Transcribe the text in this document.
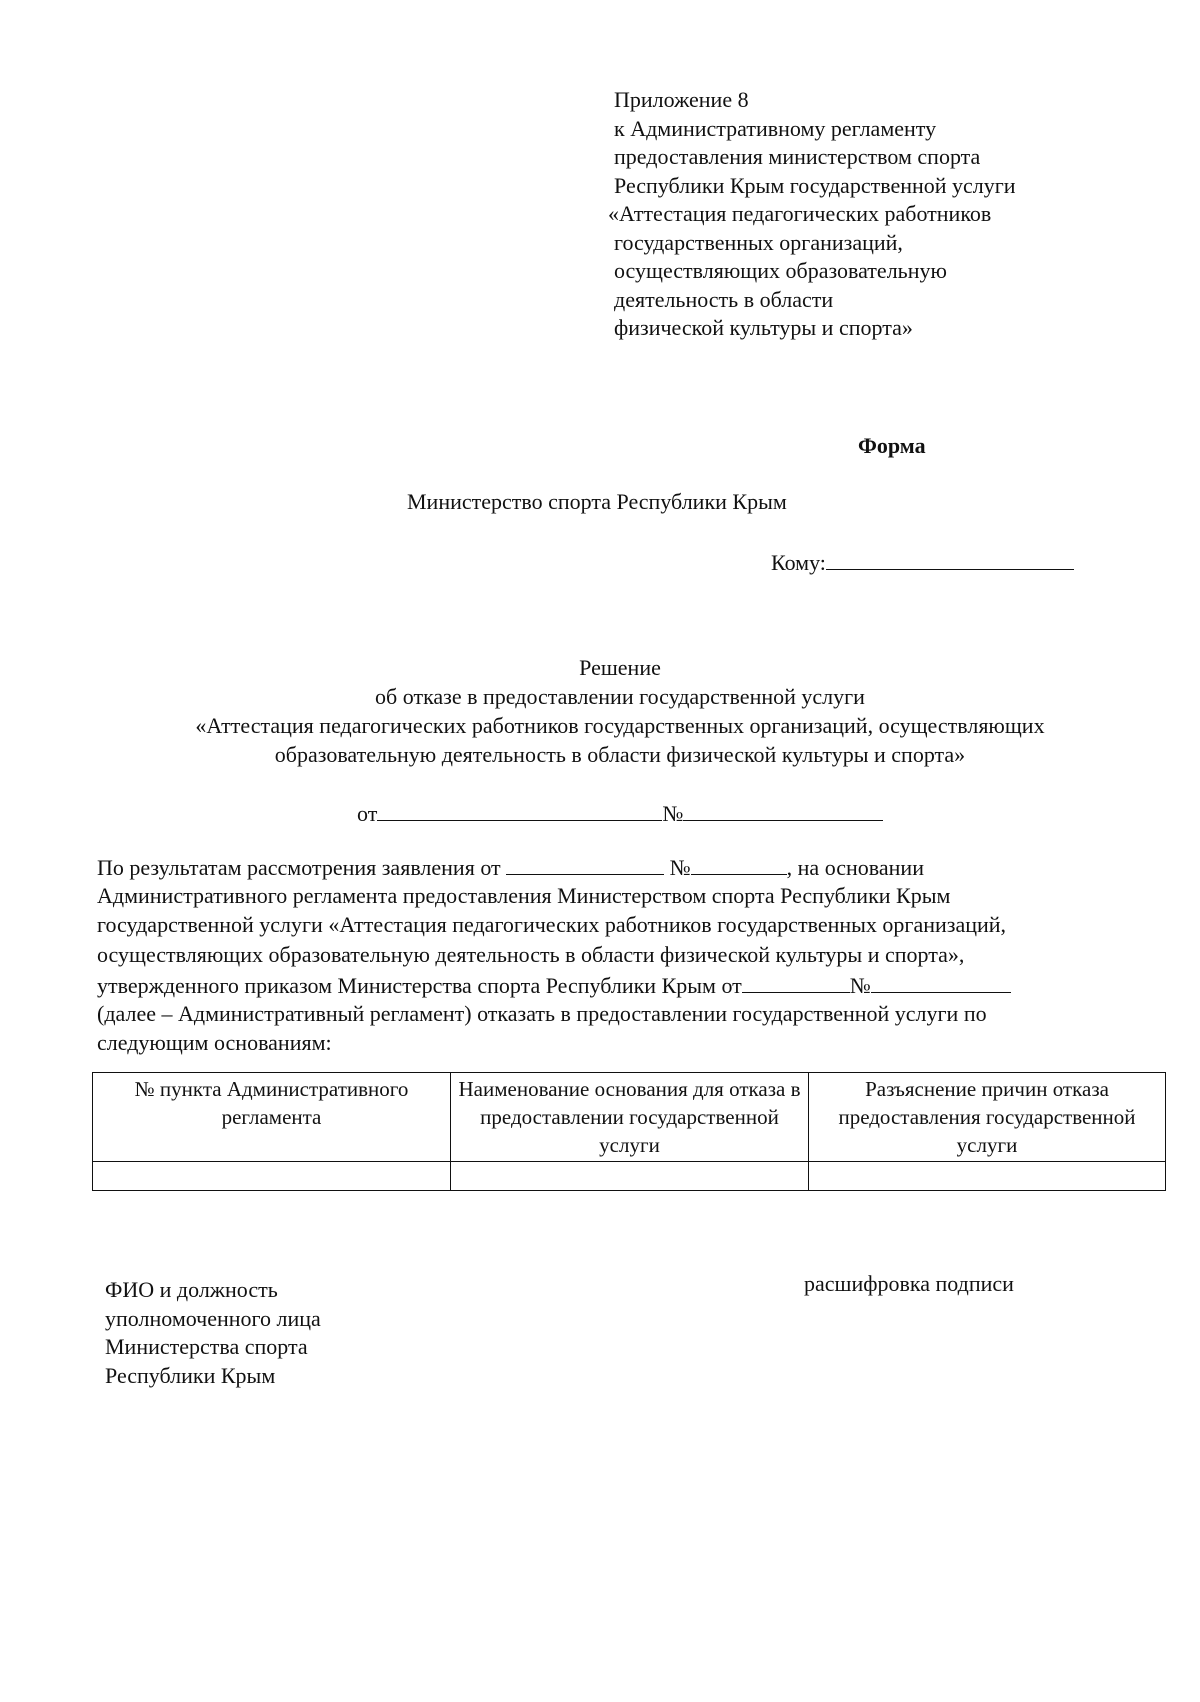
Приложение 8
к Административному регламенту
предоставления министерством спорта
Республики Крым государственной услуги
«Аттестация педагогических работников
государственных организаций,
осуществляющих образовательную
деятельность в области
физической культуры и спорта»
Форма
Министерство спорта Республики Крым
Кому:
Решение
об отказе в предоставлении государственной услуги
«Аттестация педагогических работников государственных организаций, осуществляющих
образовательную деятельность в области физической культуры и спорта»
от	№
По результатам рассмотрения заявления от	№	, на основании
Административного регламента предоставления Министерством спорта Республики Крым
государственной услуги «Аттестация педагогических работников государственных организаций,
осуществляющих образовательную деятельность в области физической культуры и спорта»,
утвержденного приказом Министерства спорта Республики Крым от	№
(далее – Административный регламент) отказать в предоставлении государственной услуги по
следующим основаниям:
№ пункта Административного регламента	Наименование основания для отказа в предоставлении государственной услуги	Разъяснение причин отказа предоставления государственной услуги

ФИО и должность
уполномоченного лица
Министерства спорта
Республики Крым
расшифровка подписи
